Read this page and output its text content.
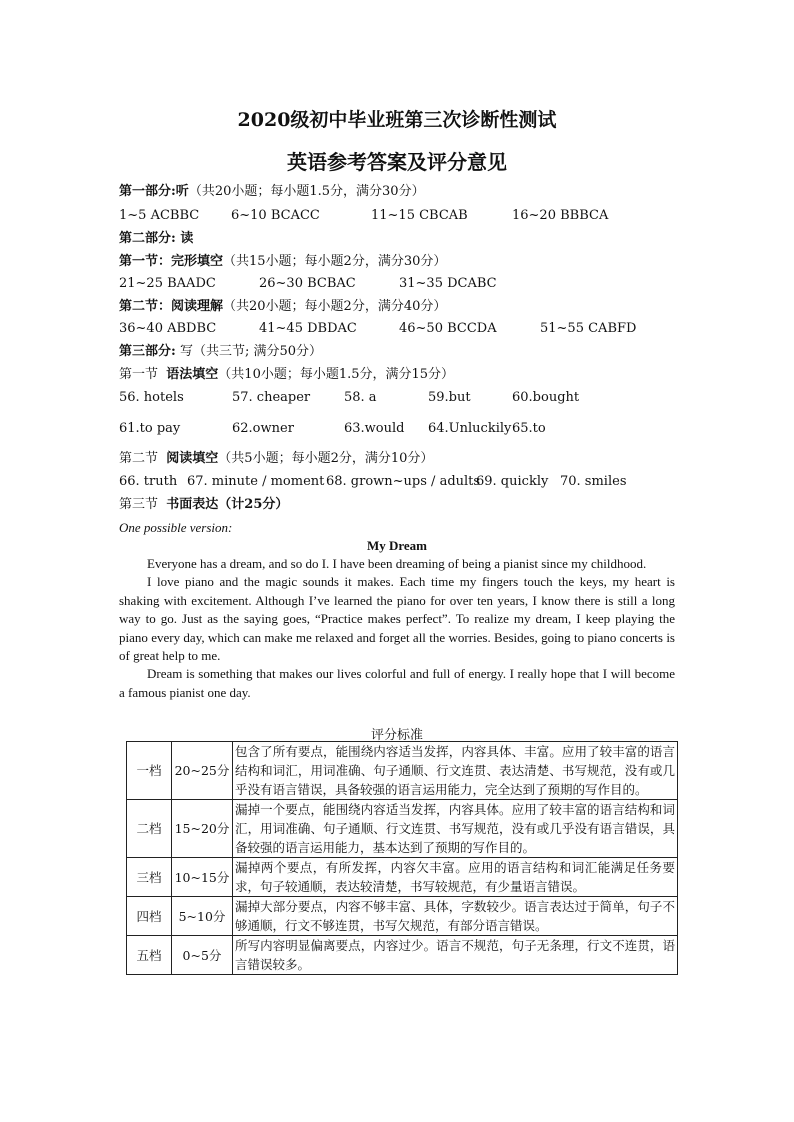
2020级初中毕业班第三次诊断性测试
英语参考答案及评分意见
第一部分:听（共20小题；每小题1.5分，满分30分）
1~5 ACBBC 6~10 BCACC	11~15 CBCAB	16~20 BBBCA
第二部分: 读
第一节：完形填空（共15小题；每小题2分，满分30分）
21~25 BAADC	26~30 BCBAC	31~35 DCABC
第二节：阅读理解（共20小题；每小题2分，满分40分）
36~40 ABDBC	41~45 DBDAC	46~50 BCCDA	51~55 CABFD
第三部分: 写（共三节; 满分50分）
第一节 语法填空（共10小题；每小题1.5分，满分15分）
56. hotels	57. cheaper	58. a	59.but	60.bought
61.to pay	62.owner	63.would 64.Unluckily 65.to
第二节 阅读填空（共5小题；每小题2分，满分10分）
66. truth 67. minute / moment 68. grown~ups / adults
69. quickly 70. smiles
第三节 书面表达（计25分）
One possible version:
My Dream

Everyone has a dream, and so do I. I have been dreaming of being a pianist since my childhood.

I love piano and the magic sounds it makes. Each time my fingers touch the keys, my heart is shaking with excitement. Although I’ve learned the piano for over ten years, I know there is still a long way to go. Just as the saying goes, “Practice makes perfect”. To realize my dream, I keep playing the piano every day, which can make me relaxed and forget all the worries. Besides, going to piano concerts is of great help to me.

Dream is something that makes our lives colorful and full of energy. I really hope that I will become a famous pianist one day.

评分标准
一档	20~25分	包含了所有要点，能围绕内容适当发挥，内容具体、丰富。应用了较丰富的语言结构和词汇，用词准确、句子通顺、行文连贯、表达清楚、书写规范，没有或几乎没有语言错误，具备较强的语言运用能力，完全达到了预期的写作目的。
二档	15~20分	漏掉一个要点，能围绕内容适当发挥，内容具体。应用了较丰富的语言结构和词汇，用词准确、句子通顺、行文连贯、书写规范，没有或几乎没有语言错误，具备较强的语言运用能力，基本达到了预期的写作目的。
三档	10~15分	漏掉两个要点，有所发挥，内容欠丰富。应用的语言结构和词汇能满足任务要求，句子较通顺，表达较清楚，书写较规范，有少量语言错误。
四档	5~10分	漏掉大部分要点，内容不够丰富、具体，字数较少。语言表达过于简单，句子不够通顺，行文不够连贯，书写欠规范，有部分语言错误。
五档	0~5分	所写内容明显偏离要点，内容过少。语言不规范，句子无条理，行文不连贯，语言错误较多。
